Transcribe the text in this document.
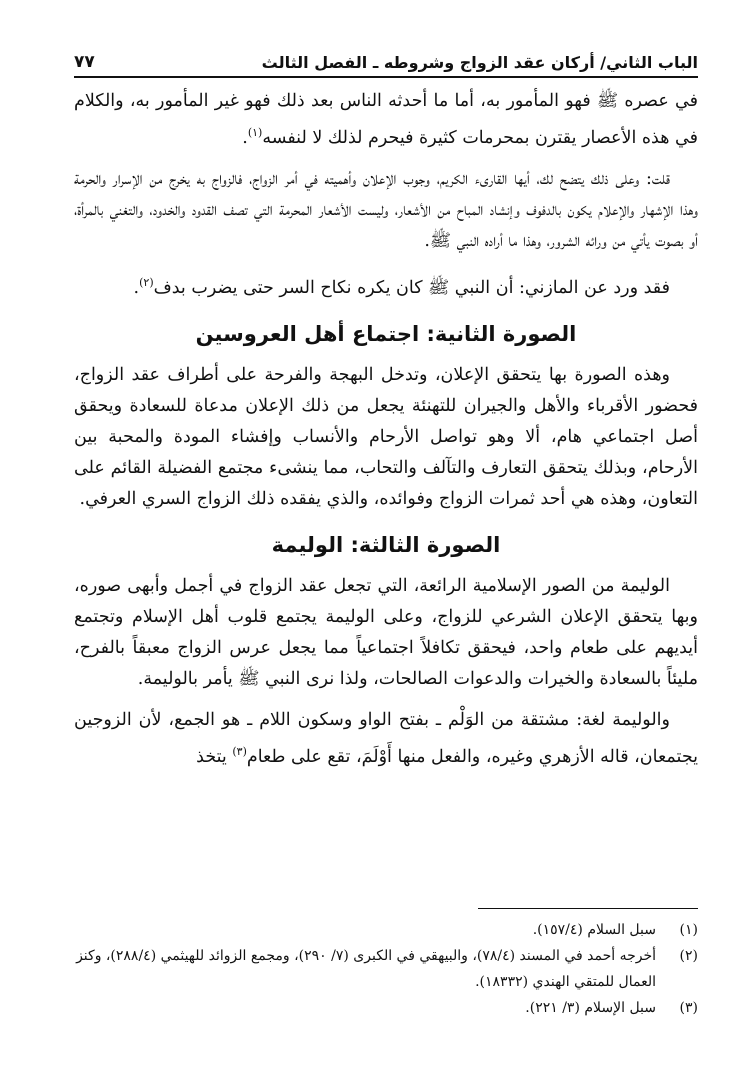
الباب الثاني/ أركان عقد الزواج وشروطه ـ الفصل الثالث
٧٧

في عصره ﷺ فهو المأمور به، أما ما أحدثه الناس بعد ذلك فهو غير المأمور به، والكلام في هذه الأعصار يقترن بمحرمات كثيرة فيحرم لذلك لا لنفسه$^{(١)}$.

قلت: وعلى ذلك يتضح لك، أيها القارىء الكريم، وجوب الإعلان وأهميته في أمر الزواج، فالزواج به يخرج من الإسرار والحرمة وهذا الإشهار والإعلام يكون بالدفوف وإنشاد المباح من الأشعار، وليست الأشعار المحرمة التي تصف القدود والخدود، والتغني بالمرأة، أو بصوت يأتي من ورائه الشرور، وهذا ما أراده النبي ﷺ.

فقد ورد عن المازني: أن النبي ﷺ كان يكره نكاح السر حتى يضرب بدف$^{(٢)}$.

الصورة الثانية: اجتماع أهل العروسين

وهذه الصورة بها يتحقق الإعلان، وتدخل البهجة والفرحة على أطراف عقد الزواج، فحضور الأقرباء والأهل والجيران للتهنئة يجعل من ذلك الإعلان مدعاة للسعادة ويحقق أصل اجتماعي هام، ألا وهو تواصل الأرحام والأنساب وإفشاء المودة والمحبة بين الأرحام، وبذلك يتحقق التعارف والتآلف والتحاب، مما ينشىء مجتمع الفضيلة القائم على التعاون، وهذه هي أحد ثمرات الزواج وفوائده، والذي يفقده ذلك الزواج السري العرفي.

الصورة الثالثة: الوليمة

الوليمة من الصور الإسلامية الرائعة، التي تجعل عقد الزواج في أجمل وأبهى صوره، وبها يتحقق الإعلان الشرعي للزواج، وعلى الوليمة يجتمع قلوب أهل الإسلام وتجتمع أيديهم على طعام واحد، فيحقق تكافلاً اجتماعياً مما يجعل عرس الزواج معبقاً بالفرح، مليئاً بالسعادة والخيرات والدعوات الصالحات، ولذا نرى النبي ﷺ يأمر بالوليمة.

والوليمة لغة: مشتقة من الوَلْم ـ بفتح الواو وسكون اللام ـ هو الجمع، لأن الزوجين يجتمعان، قاله الأزهري وغيره، والفعل منها أَوْلَمَ، تقع على طعام$^{(٣)}$ يتخذ

(١)
سبل السلام (١٥٧/٤).
(٢)
أخرجه أحمد في المسند (٧٨/٤)، والبيهقي في الكبرى (٧/ ٢٩٠)، ومجمع الزوائد للهيثمي (٢٨٨/٤)، وكنز العمال للمتقي الهندي (١٨٣٣٢).
(٣)
سبل الإسلام (٣/ ٢٢١).
